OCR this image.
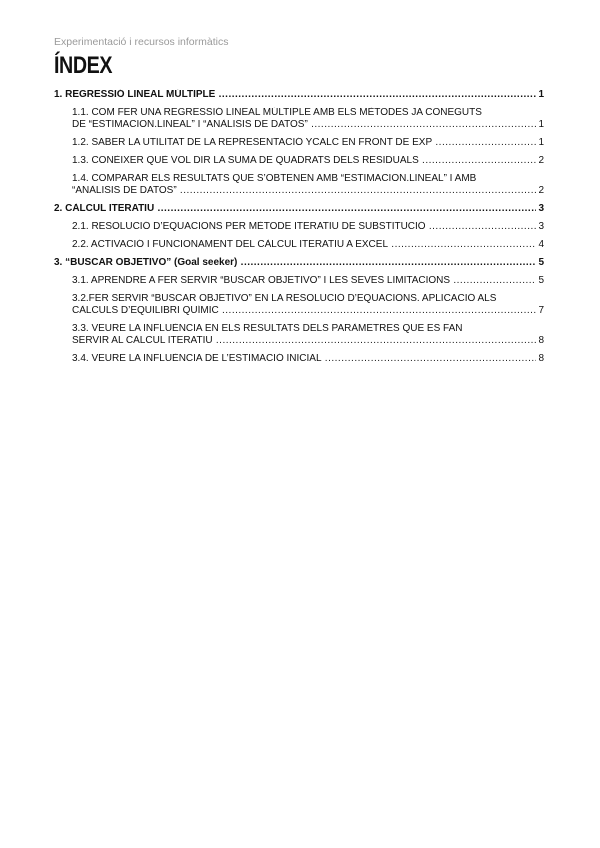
Experimentació i recursos informàtics
ÍNDEX
1. REGRESSIÓ LINEAL MÚLTIPLE .....	1
1.1. COM FER UNA REGRESSIÓ LINEAL MÚLTIPLE AMB ELS MÈTODES JA CONEGUTS
DE “ESTIMACION.LINEAL” I “ANÀLISIS DE DATOS” .....	1
1.2. SABER LA UTILITAT DE LA REPRESENTACIÓ YCALC EN FRONT DE EXP .....	1
1.3. CONÈIXER QUÈ VOL DIR LA SUMA DE QUADRATS DELS RESIDUALS .....	2
1.4. COMPARAR ELS RESULTATS QUE S’OBTENEN AMB “ESTIMACION.LINEAL” I AMB
“ANÀLISIS DE DATOS” .....	2
2. CÀLCUL ITERATIU .....	3
2.1. RESOLUCIÓ D’EQUACIONS PER MÈTODE ITERATIU DE SUBSTITUCIÓ .....	3
2.2. ACTIVACIÓ I FUNCIONAMENT DEL CÀLCUL ITERATIU A EXCEL .....	4
3. “BUSCAR OBJETIVO” (Goal seeker) .....	5
3.1. APRENDRE A FER SERVIR “BUSCAR OBJETIVO” I LES SEVES LIMITACIONS .....	5
3.2.FER SERVIR “BUSCAR OBJETIVO” EN LA RESOLUCIÓ D’EQUACIONS. APLICACIÓ ALS
CÀLCULS D’EQUILIBRI QUÍMIC .....	7
3.3. VEURE LA INFLUÈNCIA EN ELS RESULTATS DELS PARÀMETRES QUE ES FAN
SERVIR AL CÀLCUL ITERATIU .....	8
3.4. VEURE LA INFLUÈNCIA DE L’ESTIMACIÓ INICIAL .....	8
